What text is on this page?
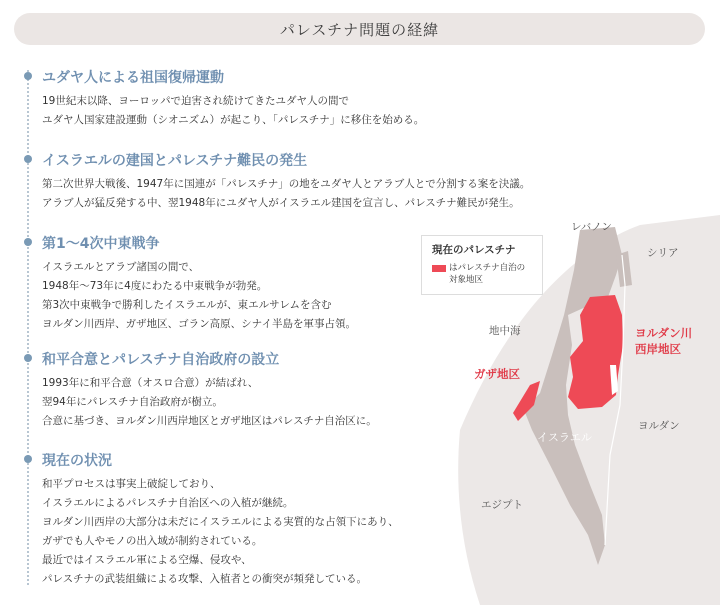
パレスチナ問題の経緯
ユダヤ人による祖国復帰運動
19世紀末以降、ヨーロッパで迫害され続けてきたユダヤ人の間で
ユダヤ人国家建設運動（シオニズム）が起こり、「パレスチナ」に移住を始める。
イスラエルの建国とパレスチナ難民の発生
第二次世界大戦後、1947年に国連が「パレスチナ」の地をユダヤ人とアラブ人とで分割する案を決議。
アラブ人が猛反発する中、翌1948年にユダヤ人がイスラエル建国を宣言し、パレスチナ難民が発生。
第1～4次中東戦争
イスラエルとアラブ諸国の間で、
1948年～73年に4度にわたる中東戦争が勃発。
第3次中東戦争で勝利したイスラエルが、東エルサレムを含む
ヨルダン川西岸、ガザ地区、ゴラン高原、シナイ半島を軍事占領。
和平合意とパレスチナ自治政府の設立
1993年に和平合意（オスロ合意）が結ばれ、
翌94年にパレスチナ自治政府が樹立。
合意に基づき、ヨルダン川西岸地区とガザ地区はパレスチナ自治区に。
現在の状況
和平プロセスは事実上破綻しており、
イスラエルによるパレスチナ自治区への入植が継続。
ヨルダン川西岸の大部分は未だにイスラエルによる実質的な占領下にあり、
ガザでも人やモノの出入域が制約されている。
最近ではイスラエル軍による空爆、侵攻や、
パレスチナの武装組織による攻撃、入植者との衝突が頻発している。
現在のパレスチナ
はパレスチナ自治の
対象地区
レバノン
シリア
地中海	ヨルダン川
西岸地区
ガザ地区
イスラエル
ヨルダン
エジプト
